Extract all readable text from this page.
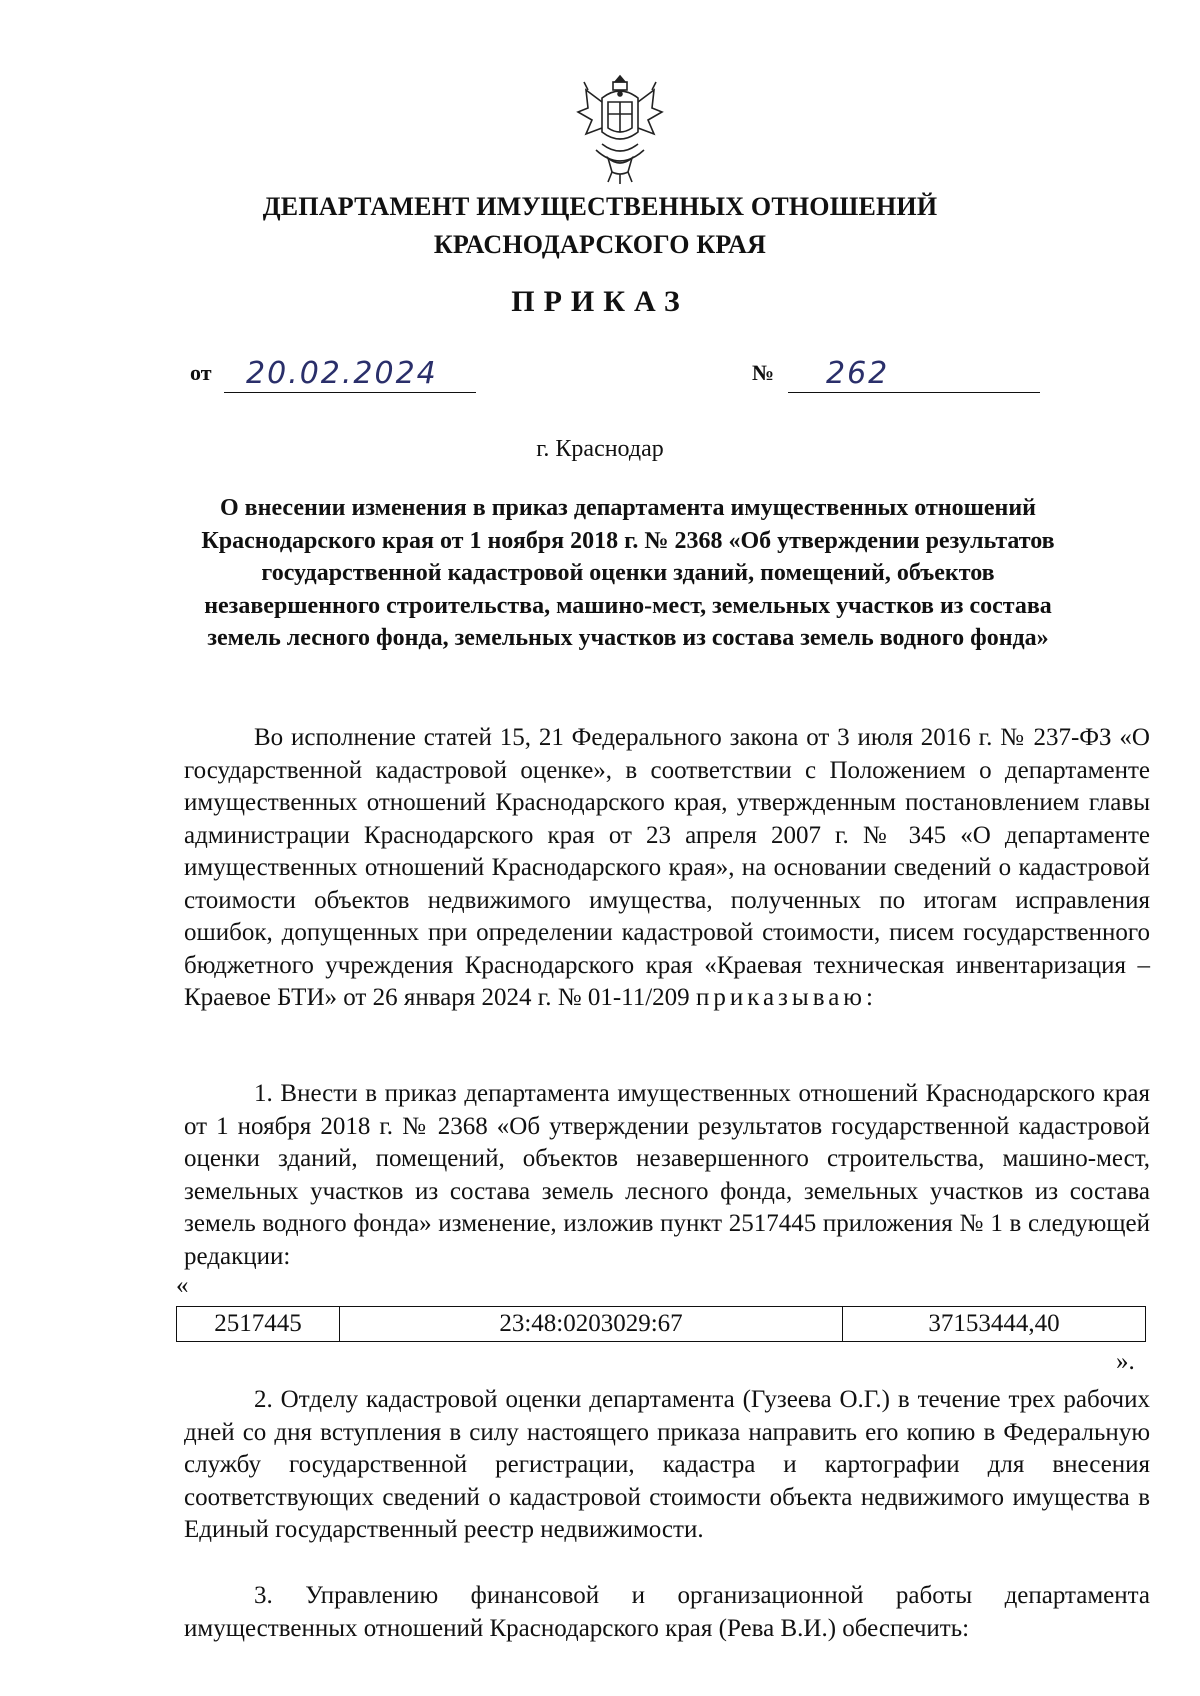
ДЕПАРТАМЕНТ ИМУЩЕСТВЕННЫХ ОТНОШЕНИЙ
КРАСНОДАРСКОГО КРАЯ
ПРИКАЗ
от 20.02.2024	№ 262
г. Краснодар
О внесении изменения в приказ департамента имущественных отношений Краснодарского края от 1 ноября 2018 г. № 2368 «Об утверждении результатов государственной кадастровой оценки зданий, помещений, объектов незавершенного строительства, машино-мест, земельных участков из состава земель лесного фонда, земельных участков из состава земель водного фонда»
Во исполнение статей 15, 21 Федерального закона от 3 июля 2016 г. № 237-ФЗ «О государственной кадастровой оценке», в соответствии с Положением о департаменте имущественных отношений Краснодарского края, утвержденным постановлением главы администрации Краснодарского края от 23 апреля 2007 г. № 345 «О департаменте имущественных отношений Краснодарского края», на основании сведений о кадастровой стоимости объектов недвижимого имущества, полученных по итогам исправления ошибок, допущенных при определении кадастровой стоимости, писем государственного бюджетного учреждения Краснодарского края «Краевая техническая инвентаризация – Краевое БТИ» от 26 января 2024 г. № 01-11/209 приказываю:
1. Внести в приказ департамента имущественных отношений Краснодарского края от 1 ноября 2018 г. № 2368 «Об утверждении результатов государственной кадастровой оценки зданий, помещений, объектов незавершенного строительства, машино-мест, земельных участков из состава земель лесного фонда, земельных участков из состава земель водного фонда» изменение, изложив пункт 2517445 приложения № 1 в следующей редакции:
«
2517445	23:48:0203029:67	37153444,40
».
2. Отделу кадастровой оценки департамента (Гузеева О.Г.) в течение трех рабочих дней со дня вступления в силу настоящего приказа направить его копию в Федеральную службу государственной регистрации, кадастра и картографии для внесения соответствующих сведений о кадастровой стоимости объекта недвижимого имущества в Единый государственный реестр недвижимости.
3. Управлению финансовой и организационной работы департамента имущественных отношений Краснодарского края (Рева В.И.) обеспечить:
